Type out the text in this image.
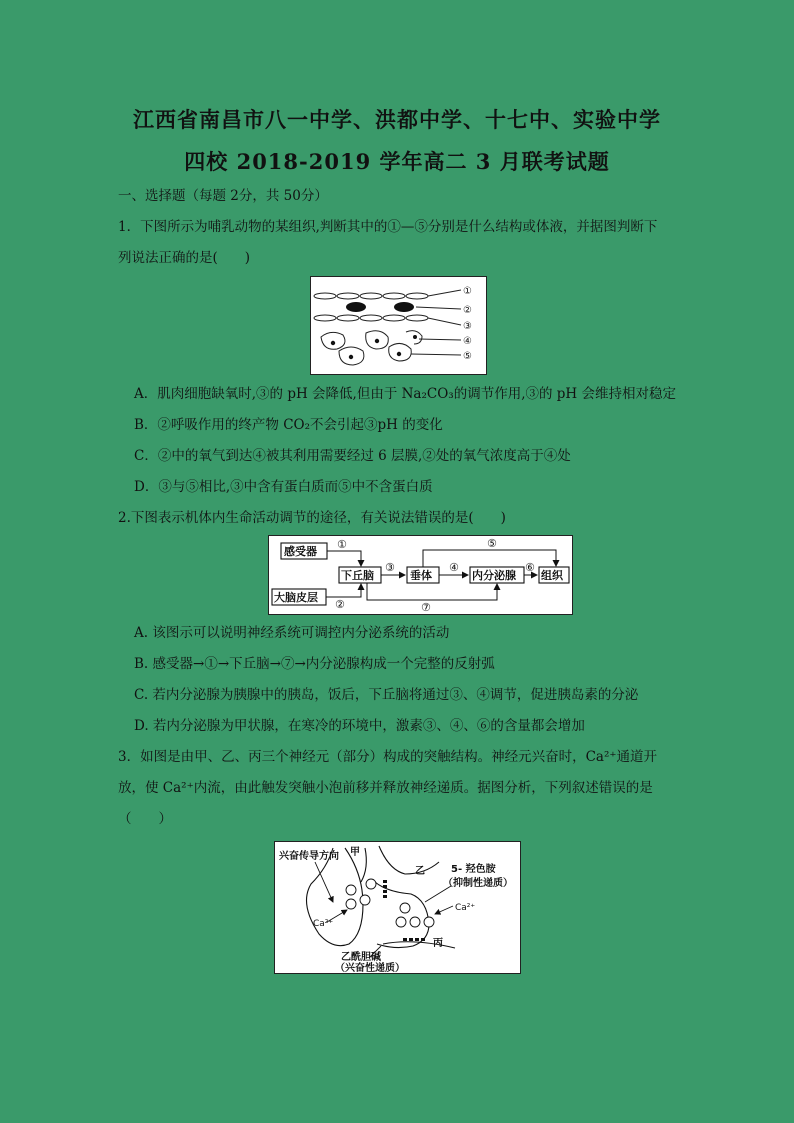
江西省南昌市八一中学、洪都中学、十七中、实验中学
四校 2018-2019 学年高二 3 月联考试题
一、选择题（每题 2分，共 50分）
1．下图所示为哺乳动物的某组织,判断其中的①—⑤分别是什么结构或体液，并据图判断下
列说法正确的是(　　)
①
②
③
④
⑤
A．肌肉细胞缺氧时,③的 pH 会降低,但由于 Na₂CO₃的调节作用,③的 pH 会维持相对稳定
B．②呼吸作用的终产物 CO₂不会引起③pH 的变化
C．②中的氧气到达④被其利用需要经过 6 层膜,②处的氧气浓度高于④处
D．③与⑤相比,③中含有蛋白质而⑤中不含蛋白质
2.下图表示机体内生命活动调节的途径，有关说法错误的是(　　)
感受器
下丘脑	垂体	内分泌腺 组织
大脑皮层
①
②
③	④
⑤
⑥
⑦
A. 该图示可以说明神经系统可调控内分泌系统的活动
B. 感受器→①→下丘脑→⑦→内分泌腺构成一个完整的反射弧
C. 若内分泌腺为胰腺中的胰岛，饭后，下丘脑将通过③、④调节，促进胰岛素的分泌
D. 若内分泌腺为甲状腺，在寒冷的环境中，激素③、④、⑥的含量都会增加
3．如图是由甲、乙、丙三个神经元（部分）构成的突触结构。神经元兴奋时，Ca²⁺通道开
放，使 Ca²⁺内流，由此触发突触小泡前移并释放神经递质。据图分析，下列叙述错误的是
（　　）
兴奋传导方向 甲
乙
丙
5- 羟色胺
（抑制性递质）
乙酰胆碱
（兴奋性递质）
Ca²⁺
Ca²⁺
